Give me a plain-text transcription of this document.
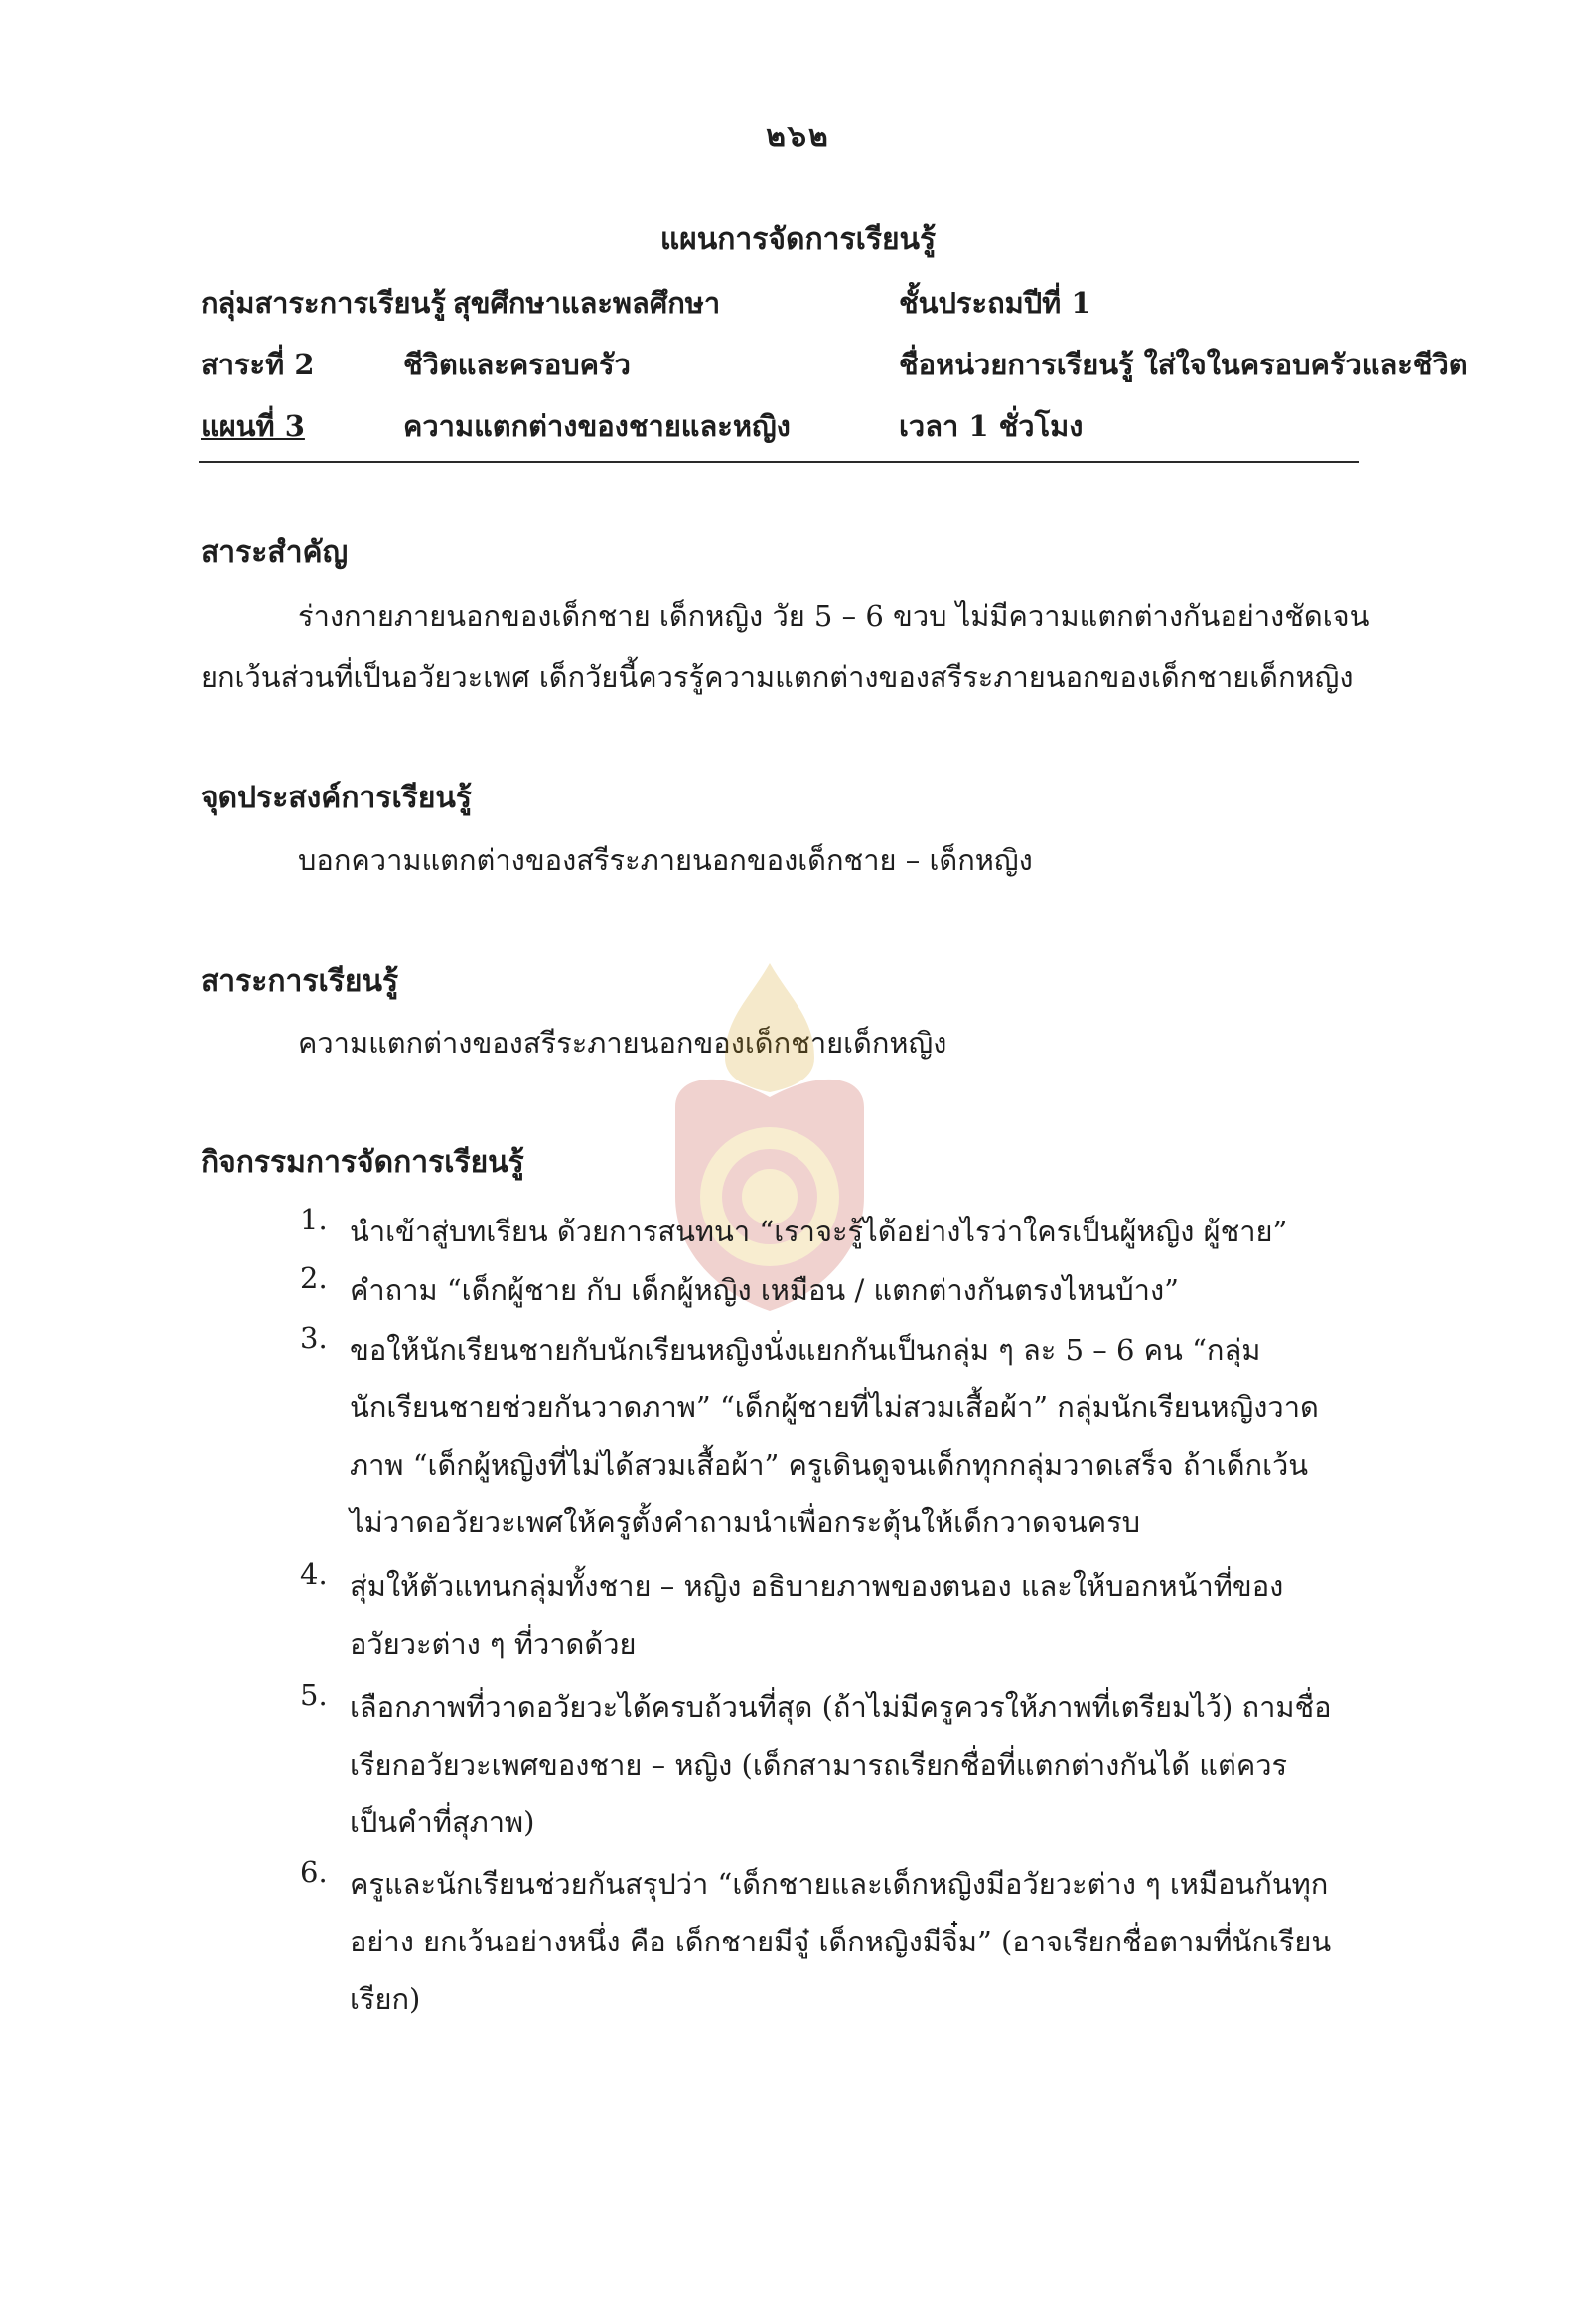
๒๖๒
แผนการจัดการเรียนรู้
กลุ่มสาระการเรียนรู้ สุขศึกษาและพลศึกษา	ชั้นประถมปีที่ 1
สาระที่ 2	ชีวิตและครอบครัว	ชื่อหน่วยการเรียนรู้ ใส่ใจในครอบครัวและชีวิต
แผนที่ 3	ความแตกต่างของชายและหญิง	เวลา 1 ชั่วโมง
สาระสำคัญ
ร่างกายภายนอกของเด็กชาย เด็กหญิง วัย 5 – 6 ขวบ ไม่มีความแตกต่างกันอย่างชัดเจน
ยกเว้นส่วนที่เป็นอวัยวะเพศ เด็กวัยนี้ควรรู้ความแตกต่างของสรีระภายนอกของเด็กชายเด็กหญิง
จุดประสงค์การเรียนรู้
บอกความแตกต่างของสรีระภายนอกของเด็กชาย – เด็กหญิง
สาระการเรียนรู้
ความแตกต่างของสรีระภายนอกของเด็กชายเด็กหญิง
กิจกรรมการจัดการเรียนรู้
1. นำเข้าสู่บทเรียน ด้วยการสนทนา “เราจะรู้ได้อย่างไรว่าใครเป็นผู้หญิง ผู้ชาย”
2. คำถาม “เด็กผู้ชาย กับ เด็กผู้หญิง เหมือน / แตกต่างกันตรงไหนบ้าง”
3. ขอให้นักเรียนชายกับนักเรียนหญิงนั่งแยกกันเป็นกลุ่ม ๆ ละ 5 – 6 คน “กลุ่มนักเรียนชายช่วยกันวาดภาพ” “เด็กผู้ชายที่ไม่สวมเสื้อผ้า” กลุ่มนักเรียนหญิงวาดภาพ “เด็กผู้หญิงที่ไม่ได้สวมเสื้อผ้า” ครูเดินดูจนเด็กทุกกลุ่มวาดเสร็จ ถ้าเด็กเว้นไม่วาดอวัยวะเพศให้ครูตั้งคำถามนำเพื่อกระตุ้นให้เด็กวาดจนครบ
4. สุ่มให้ตัวแทนกลุ่มทั้งชาย – หญิง อธิบายภาพของตนอง และให้บอกหน้าที่ของอวัยวะต่าง ๆ ที่วาดด้วย
5. เลือกภาพที่วาดอวัยวะได้ครบถ้วนที่สุด (ถ้าไม่มีครูควรให้ภาพที่เตรียมไว้) ถามชื่อเรียกอวัยวะเพศของชาย – หญิง (เด็กสามารถเรียกชื่อที่แตกต่างกันได้ แต่ควรเป็นคำที่สุภาพ)
6. ครูและนักเรียนช่วยกันสรุปว่า “เด็กชายและเด็กหญิงมีอวัยวะต่าง ๆ เหมือนกันทุกอย่าง ยกเว้นอย่างหนึ่ง คือ เด็กชายมีจู๋ เด็กหญิงมีจิ๋ม” (อาจเรียกชื่อตามที่นักเรียนเรียก)
